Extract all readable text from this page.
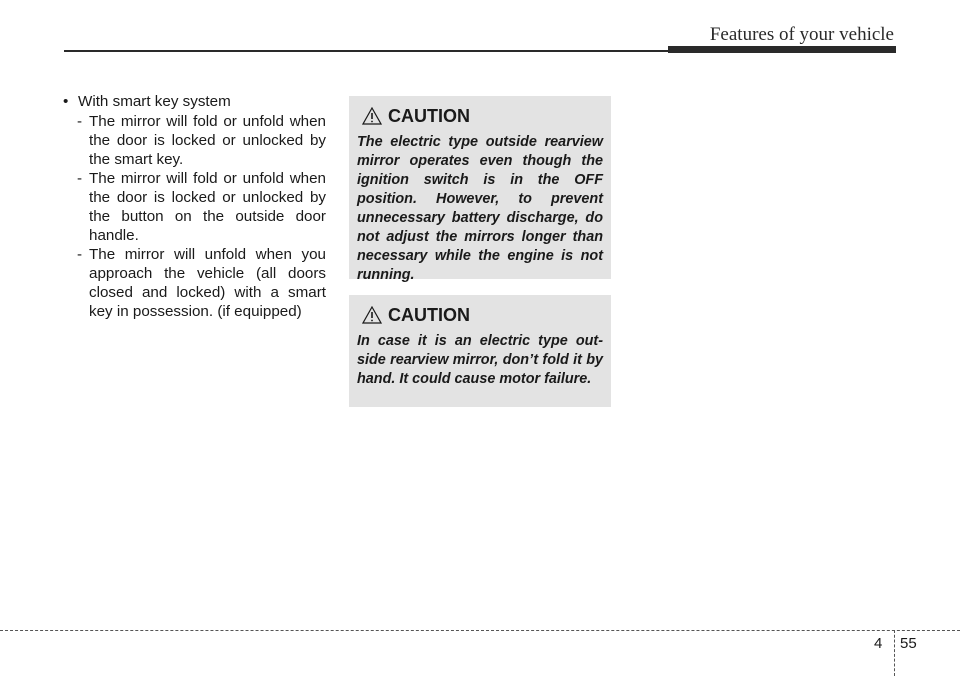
Features of your vehicle
• With smart key system

- The mirror will fold or unfold when the door is locked or unlocked by the smart key.

- The mirror will fold or unfold when the door is locked or unlocked by the button on the outside door handle.

- The mirror will unfold when you approach the vehicle (all doors closed and locked) with a smart key in possession. (if equipped)

CAUTION
The electric type outside rearview mirror operates even though the ignition switch is in the OFF position. However, to prevent unnecessary battery discharge, do not adjust the mirrors longer than necessary while the engine is not running.
CAUTION
In case it is an electric type out-side rearview mirror, don’t fold it by hand. It could cause motor failure.
4 55
